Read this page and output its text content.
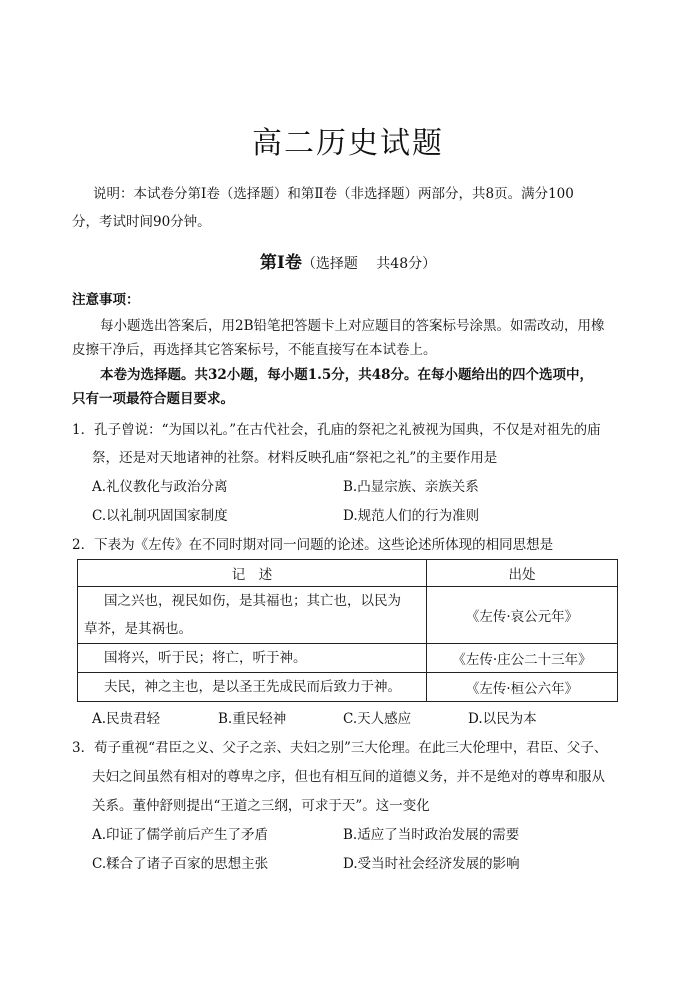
高二历史试题
说明：本试卷分第Ⅰ卷（选择题）和第Ⅱ卷（非选择题）两部分，共8页。满分100
分，考试时间90分钟。
第Ⅰ卷（选择题　 共48分）
注意事项：
每小题选出答案后，用2B铅笔把答题卡上对应题目的答案标号涂黑。如需改动，用橡
皮擦干净后，再选择其它答案标号，不能直接写在本试卷上。
本卷为选择题。共32小题，每小题1.5分，共48分。在每小题给出的四个选项中，
只有一项最符合题目要求。
1．孔子曾说：“为国以礼。”在古代社会，孔庙的祭祀之礼被视为国典，不仅是对祖先的庙
祭，还是对天地诸神的社祭。材料反映孔庙“祭祀之礼”的主要作用是
A.礼仪教化与政治分离	B.凸显宗族、亲族关系
C.以礼制巩固国家制度	D.规范人们的行为准则
2．下表为《左传》在不同时期对同一问题的论述。这些论述所体现的相同思想是
记　述	出处

国之兴也，视民如伤，是其福也；其亡也，以民为
草芥，是其祸也。	《左传·哀公元年》

国将兴，听于民；将亡，听于神。	《左传·庄公二十三年》

夫民，神之主也，是以圣王先成民而后致力于神。	《左传·桓公六年》
A.民贵君轻	B.重民轻神	C.天人感应	D.以民为本
3．荀子重视“君臣之义、父子之亲、夫妇之别”三大伦理。在此三大伦理中，君臣、父子、
夫妇之间虽然有相对的尊卑之序，但也有相互间的道德义务，并不是绝对的尊卑和服从
关系。董仲舒则提出“王道之三纲，可求于天”。这一变化
A.印证了儒学前后产生了矛盾	B.适应了当时政治发展的需要
C.糅合了诸子百家的思想主张	D.受当时社会经济发展的影响
